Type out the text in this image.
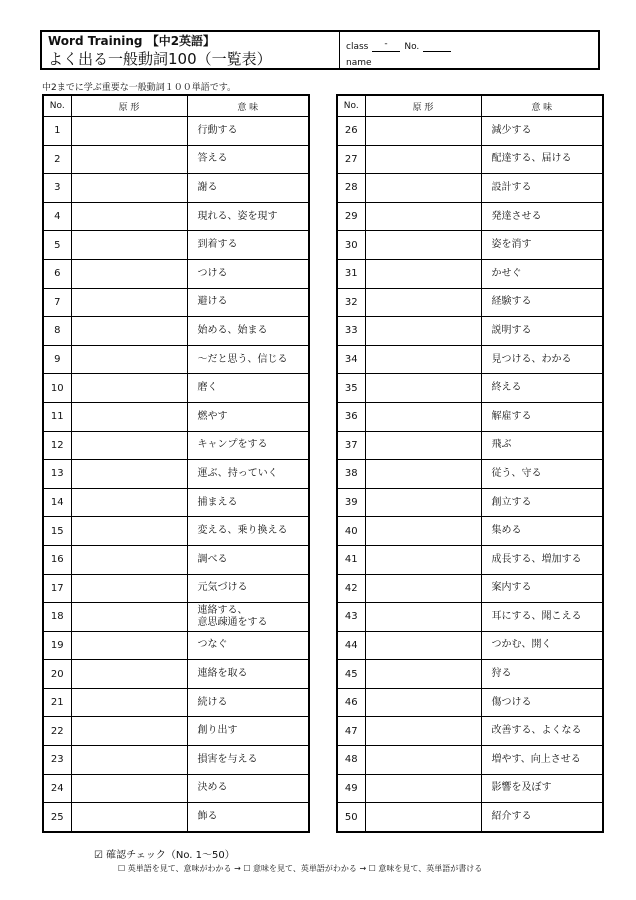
Word Training 【中2英語】
よく出る一般動詞100（一覧表）
class - No.
name
中2までに学ぶ重要な一般動詞１００単語です。
No.	原 形	意 味
1		行動する
2		答える
3		謝る
4		現れる、姿を現す
5		到着する
6		つける
7		避ける
8		始める、始まる
9		～だと思う、信じる
10		磨く
11		燃やす
12		キャンプをする
13		運ぶ、持っていく
14		捕まえる
15		変える、乗り換える
16		調べる
17		元気づける
18		連絡する、
意思疎通をする
19		つなぐ
20		連絡を取る
21		続ける
22		創り出す
23		損害を与える
24		決める
25		飾る
No.	原 形	意 味
26		減少する
27		配達する、届ける
28		設計する
29		発達させる
30		姿を消す
31		かせぐ
32		経験する
33		説明する
34		見つける、わかる
35		終える
36		解雇する
37		飛ぶ
38		従う、守る
39		創立する
40		集める
41		成長する、増加する
42		案内する
43		耳にする、聞こえる
44		つかむ、開く
45		狩る
46		傷つける
47		改善する、よくなる
48		増やす、向上させる
49		影響を及ぼす
50		紹介する
☑ 確認チェック（No. 1～50）
☐ 英単語を見て、意味がわかる → ☐ 意味を見て、英単語がわかる → ☐ 意味を見て、英単語が書ける
